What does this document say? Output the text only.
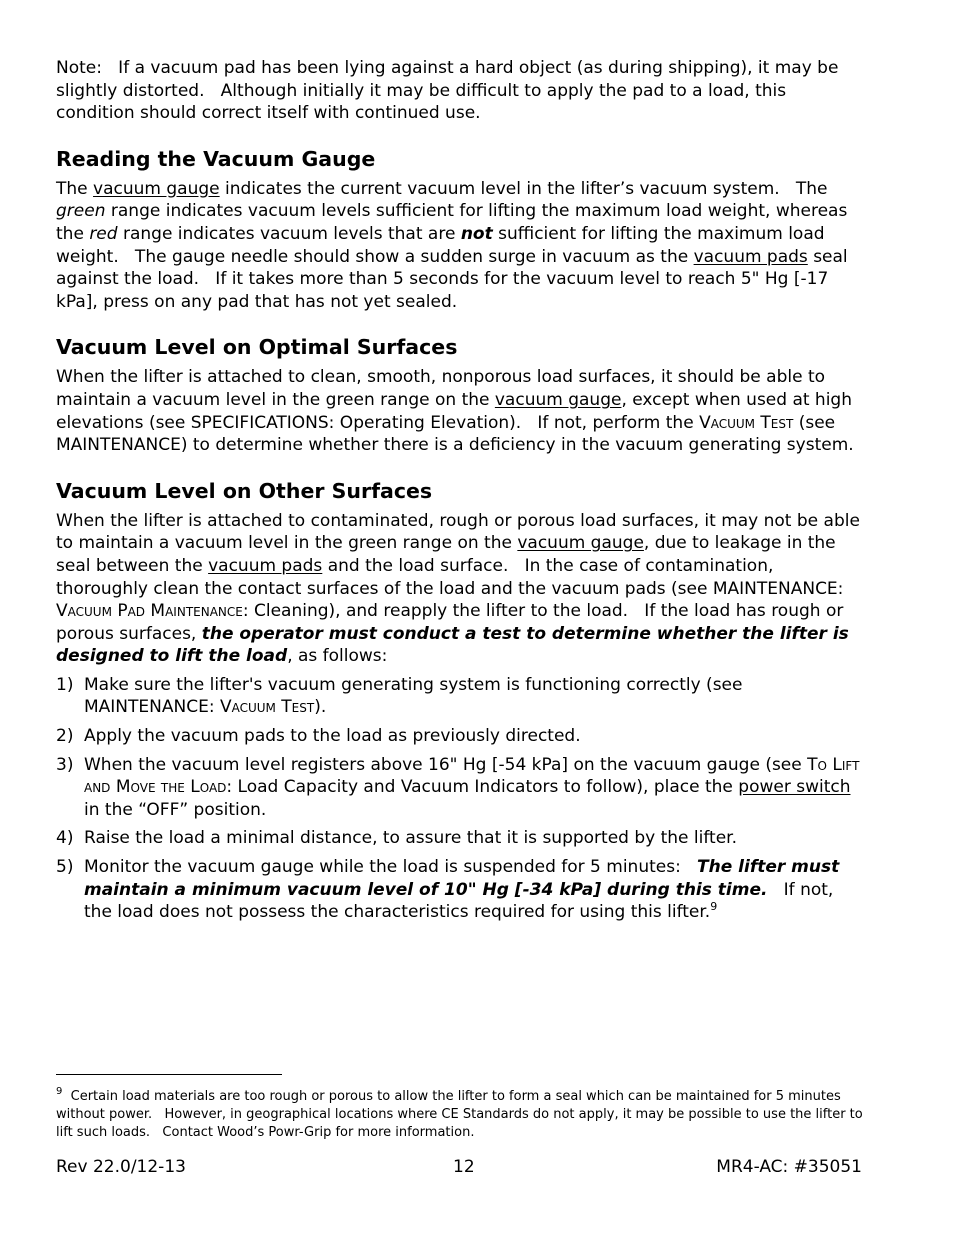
Note:   If a vacuum pad has been lying against a hard object (as during shipping), it may be slightly distorted.   Although initially it may be difficult to apply the pad to a load, this condition should correct itself with continued use.

Reading the Vacuum Gauge

The vacuum gauge indicates the current vacuum level in the lifter’s vacuum system.   The green range indicates vacuum levels sufficient for lifting the maximum load weight, whereas the red range indicates vacuum levels that are not sufficient for lifting the maximum load weight.   The gauge needle should show a sudden surge in vacuum as the vacuum pads seal against the load.   If it takes more than 5 seconds for the vacuum level to reach 5" Hg [-17 kPa], press on any pad that has not yet sealed.

Vacuum Level on Optimal Surfaces

When the lifter is attached to clean, smooth, nonporous load surfaces, it should be able to maintain a vacuum level in the green range on the vacuum gauge, except when used at high elevations (see SPECIFICATIONS: Operating Elevation).   If not, perform the Vacuum Test (see MAINTENANCE) to determine whether there is a deficiency in the vacuum generating system.

Vacuum Level on Other Surfaces

When the lifter is attached to contaminated, rough or porous load surfaces, it may not be able to maintain a vacuum level in the green range on the vacuum gauge, due to leakage in the seal between the vacuum pads and the load surface.   In the case of contamination, thoroughly clean the contact surfaces of the load and the vacuum pads (see MAINTENANCE: Vacuum Pad Maintenance: Cleaning), and reapply the lifter to the load.   If the load has rough or porous surfaces, the operator must conduct a test to determine whether the lifter is designed to lift the load, as follows:

1) Make sure the lifter's vacuum generating system is functioning correctly (see MAINTENANCE: Vacuum Test).
2) Apply the vacuum pads to the load as previously directed.
3) When the vacuum level registers above 16" Hg [-54 kPa] on the vacuum gauge (see To Lift and Move the Load: Load Capacity and Vacuum Indicators to follow), place the power switch in the “OFF” position.
4) Raise the load a minimal distance, to assure that it is supported by the lifter.
5) Monitor the vacuum gauge while the load is suspended for 5 minutes:   The lifter must maintain a minimum vacuum level of 10" Hg [-34 kPa] during this time.   If not, the load does not possess the characteristics required for using this lifter.$^9$
$^9$ Certain load materials are too rough or porous to allow the lifter to form a seal which can be maintained for 5 minutes without power.   However, in geographical locations where CE Standards do not apply, it may be possible to use the lifter to lift such loads.   Contact Wood’s Powr-Grip for more information.
Rev 22.0/12-13	12	MR4-AC: #35051
